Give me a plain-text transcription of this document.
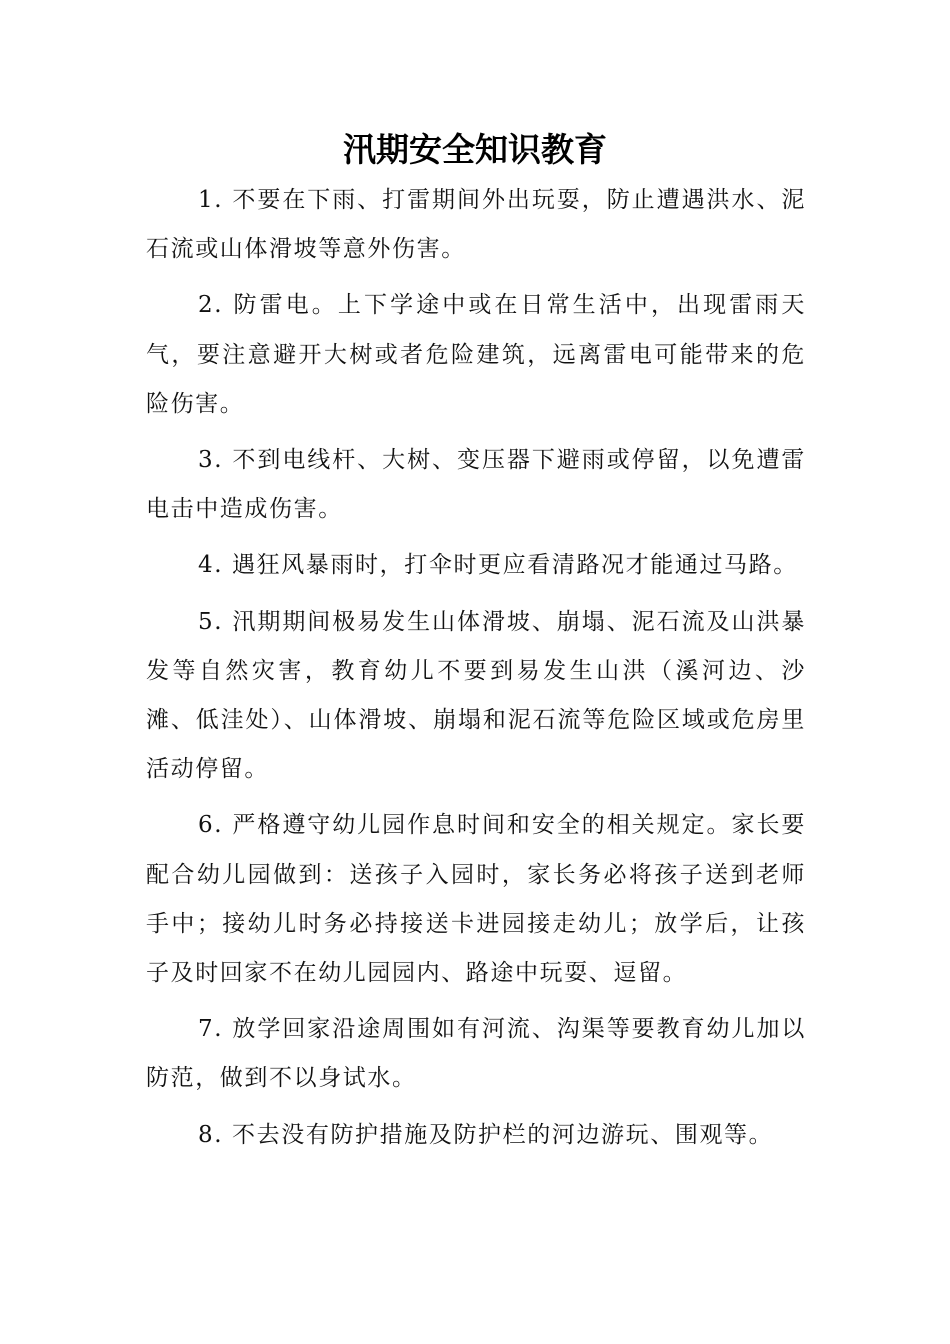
汛期安全知识教育

1. 不要在下雨、打雷期间外出玩耍，防止遭遇洪水、泥石流或山体滑坡等意外伤害。

2. 防雷电。上下学途中或在日常生活中，出现雷雨天气，要注意避开大树或者危险建筑，远离雷电可能带来的危险伤害。

3. 不到电线杆、大树、变压器下避雨或停留，以免遭雷电击中造成伤害。

4. 遇狂风暴雨时，打伞时更应看清路况才能通过马路。

5. 汛期期间极易发生山体滑坡、崩塌、泥石流及山洪暴发等自然灾害，教育幼儿不要到易发生山洪（溪河边、沙滩、低洼处）、山体滑坡、崩塌和泥石流等危险区域或危房里活动停留。

6. 严格遵守幼儿园作息时间和安全的相关规定。家长要配合幼儿园做到：送孩子入园时，家长务必将孩子送到老师手中；接幼儿时务必持接送卡进园接走幼儿；放学后，让孩子及时回家不在幼儿园园内、路途中玩耍、逗留。

7. 放学回家沿途周围如有河流、沟渠等要教育幼儿加以防范，做到不以身试水。

8. 不去没有防护措施及防护栏的河边游玩、围观等。
